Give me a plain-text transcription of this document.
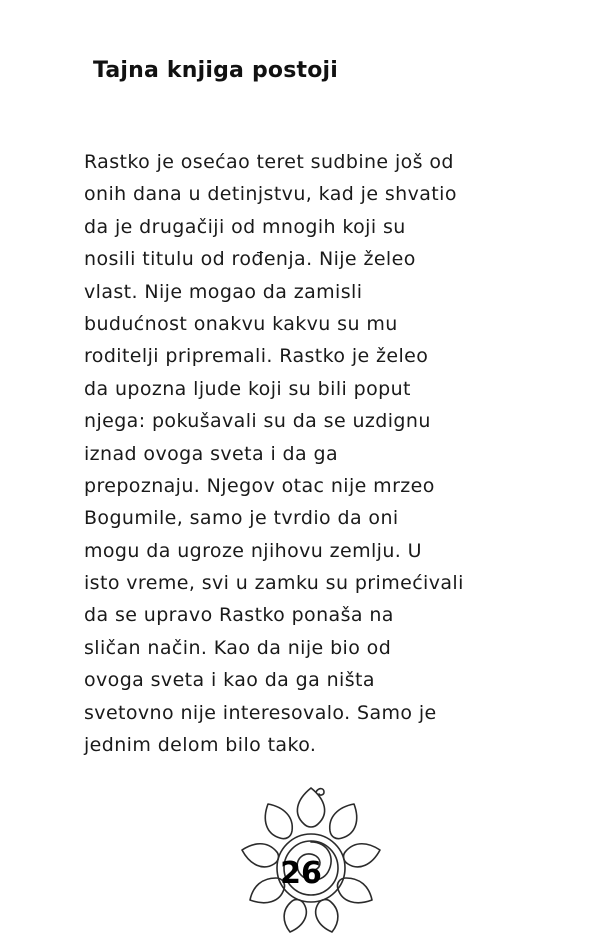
Tajna knjiga postoji
Rastko je osećao teret sudbine još od
onih dana u detinjstvu, kad je shvatio
da je drugačiji od mnogih koji su
nosili titulu od rođenja. Nije želeo
vlast. Nije mogao da zamisli
budućnost onakvu kakvu su mu
roditelji pripremali. Rastko je želeo
da upozna ljude koji su bili poput
njega: pokušavali su da se uzdignu
iznad ovoga sveta i da ga
prepoznaju. Njegov otac nije mrzeo
Bogumile, samo je tvrdio da oni
mogu da ugroze njihovu zemlju. U
isto vreme, svi u zamku su primećivali
da se upravo Rastko ponaša na
sličan način. Kao da nije bio od
ovoga sveta i kao da ga ništa
svetovno nije interesovalo. Samo je
jednim delom bilo tako.
26
